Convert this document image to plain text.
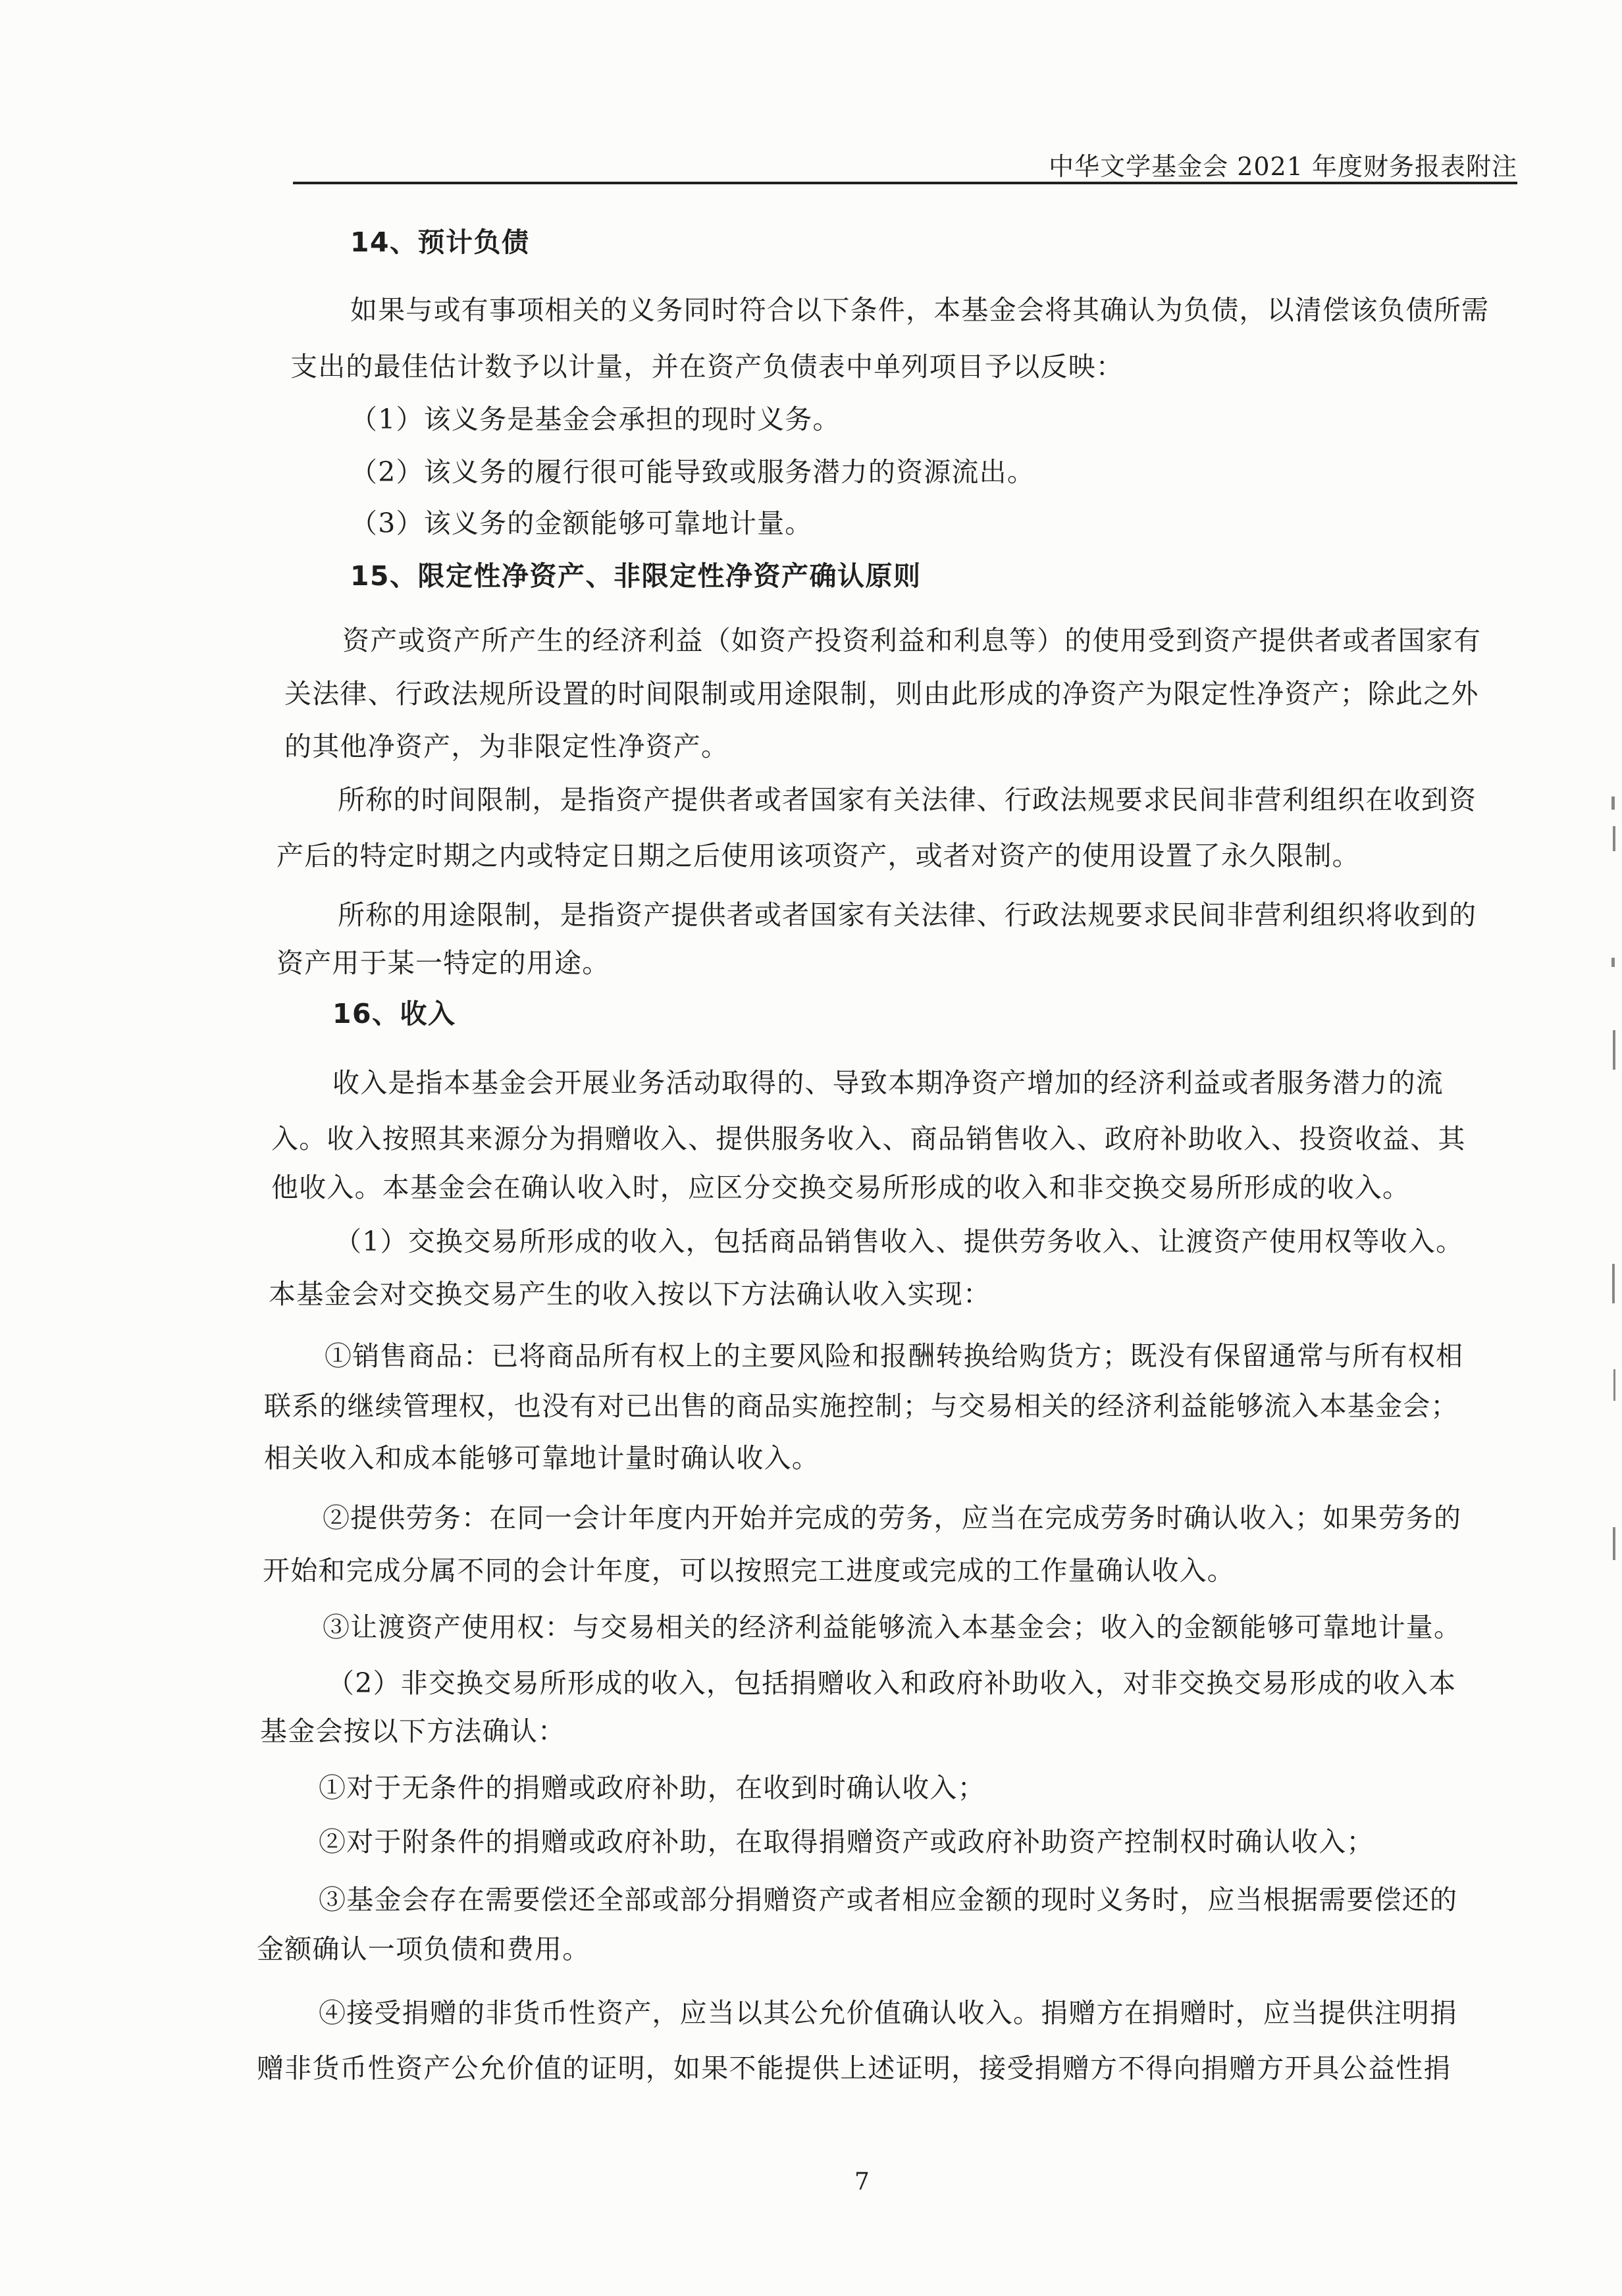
中华文学基金会 2021 年度财务报表附注
14、预计负债
如果与或有事项相关的义务同时符合以下条件，本基金会将其确认为负债，以清偿该负债所需
支出的最佳估计数予以计量，并在资产负债表中单列项目予以反映：
（1）该义务是基金会承担的现时义务。
（2）该义务的履行很可能导致或服务潜力的资源流出。
（3）该义务的金额能够可靠地计量。
15、限定性净资产、非限定性净资产确认原则
资产或资产所产生的经济利益（如资产投资利益和利息等）的使用受到资产提供者或者国家有
关法律、行政法规所设置的时间限制或用途限制，则由此形成的净资产为限定性净资产；除此之外
的其他净资产，为非限定性净资产。
所称的时间限制，是指资产提供者或者国家有关法律、行政法规要求民间非营利组织在收到资
产后的特定时期之内或特定日期之后使用该项资产，或者对资产的使用设置了永久限制。
所称的用途限制，是指资产提供者或者国家有关法律、行政法规要求民间非营利组织将收到的
资产用于某一特定的用途。
16、收入
收入是指本基金会开展业务活动取得的、导致本期净资产增加的经济利益或者服务潜力的流
入。收入按照其来源分为捐赠收入、提供服务收入、商品销售收入、政府补助收入、投资收益、其
他收入。本基金会在确认收入时，应区分交换交易所形成的收入和非交换交易所形成的收入。
（1）交换交易所形成的收入，包括商品销售收入、提供劳务收入、让渡资产使用权等收入。
本基金会对交换交易产生的收入按以下方法确认收入实现：
①销售商品：已将商品所有权上的主要风险和报酬转换给购货方；既没有保留通常与所有权相
联系的继续管理权，也没有对已出售的商品实施控制；与交易相关的经济利益能够流入本基金会；
相关收入和成本能够可靠地计量时确认收入。
②提供劳务：在同一会计年度内开始并完成的劳务，应当在完成劳务时确认收入；如果劳务的
开始和完成分属不同的会计年度，可以按照完工进度或完成的工作量确认收入。
③让渡资产使用权：与交易相关的经济利益能够流入本基金会；收入的金额能够可靠地计量。
（2）非交换交易所形成的收入，包括捐赠收入和政府补助收入，对非交换交易形成的收入本
基金会按以下方法确认：
①对于无条件的捐赠或政府补助，在收到时确认收入；
②对于附条件的捐赠或政府补助，在取得捐赠资产或政府补助资产控制权时确认收入；
③基金会存在需要偿还全部或部分捐赠资产或者相应金额的现时义务时，应当根据需要偿还的
金额确认一项负债和费用。
④接受捐赠的非货币性资产，应当以其公允价值确认收入。捐赠方在捐赠时，应当提供注明捐
赠非货币性资产公允价值的证明，如果不能提供上述证明，接受捐赠方不得向捐赠方开具公益性捐
7
